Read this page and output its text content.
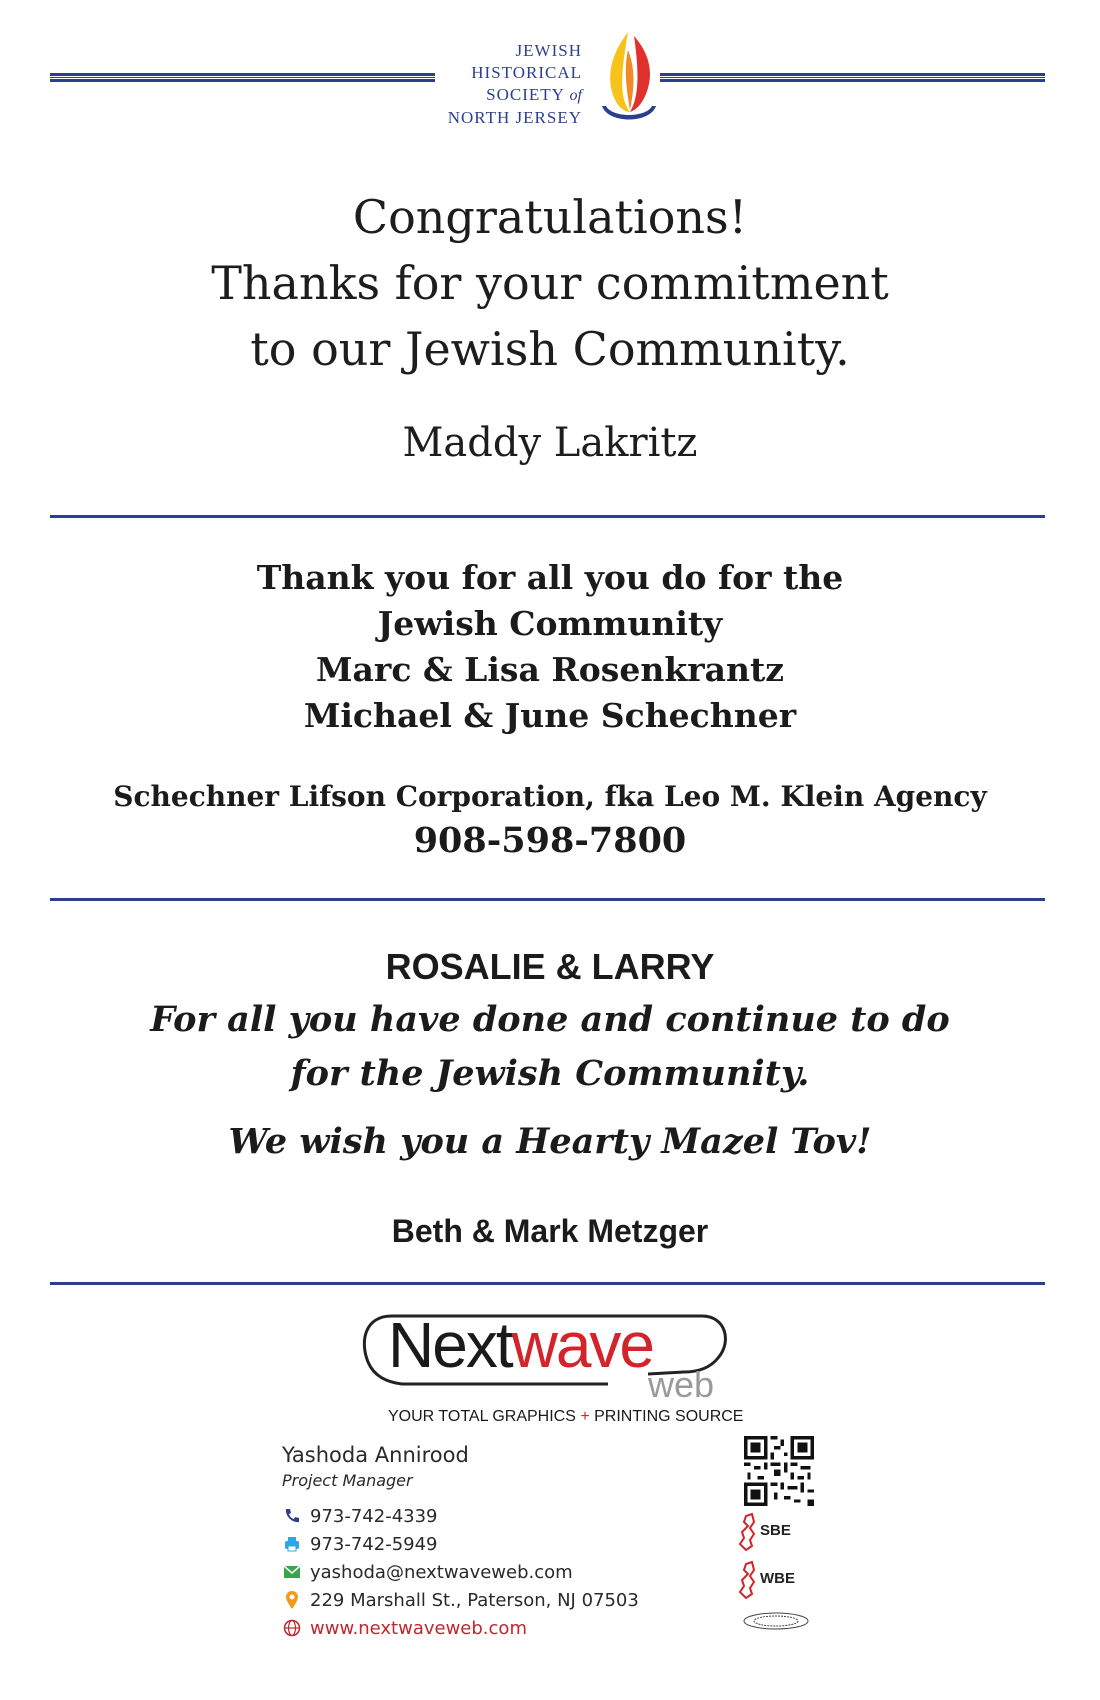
JEWISH
HISTORICAL
SOCIETY of
NORTH JERSEY
Congratulations!
Thanks for your commitment
to our Jewish Community.
Maddy Lakritz
Thank you for all you do for the
Jewish Community
Marc & Lisa Rosenkrantz
Michael & June Schechner
Schechner Lifson Corporation, fka Leo M. Klein Agency
908-598-7800
ROSALIE & LARRY
For all you have done and continue to do
for the Jewish Community.
We wish you a Hearty Mazel Tov!
Beth & Mark Metzger
Nextwave
web
YOUR TOTAL GRAPHICS + PRINTING SOURCE
Yashoda Annirood
Project Manager
973-742-4339
973-742-5949
yashoda@nextwaveweb.com
229 Marshall St., Paterson, NJ 07503
www.nextwaveweb.com
SBE
WBE
